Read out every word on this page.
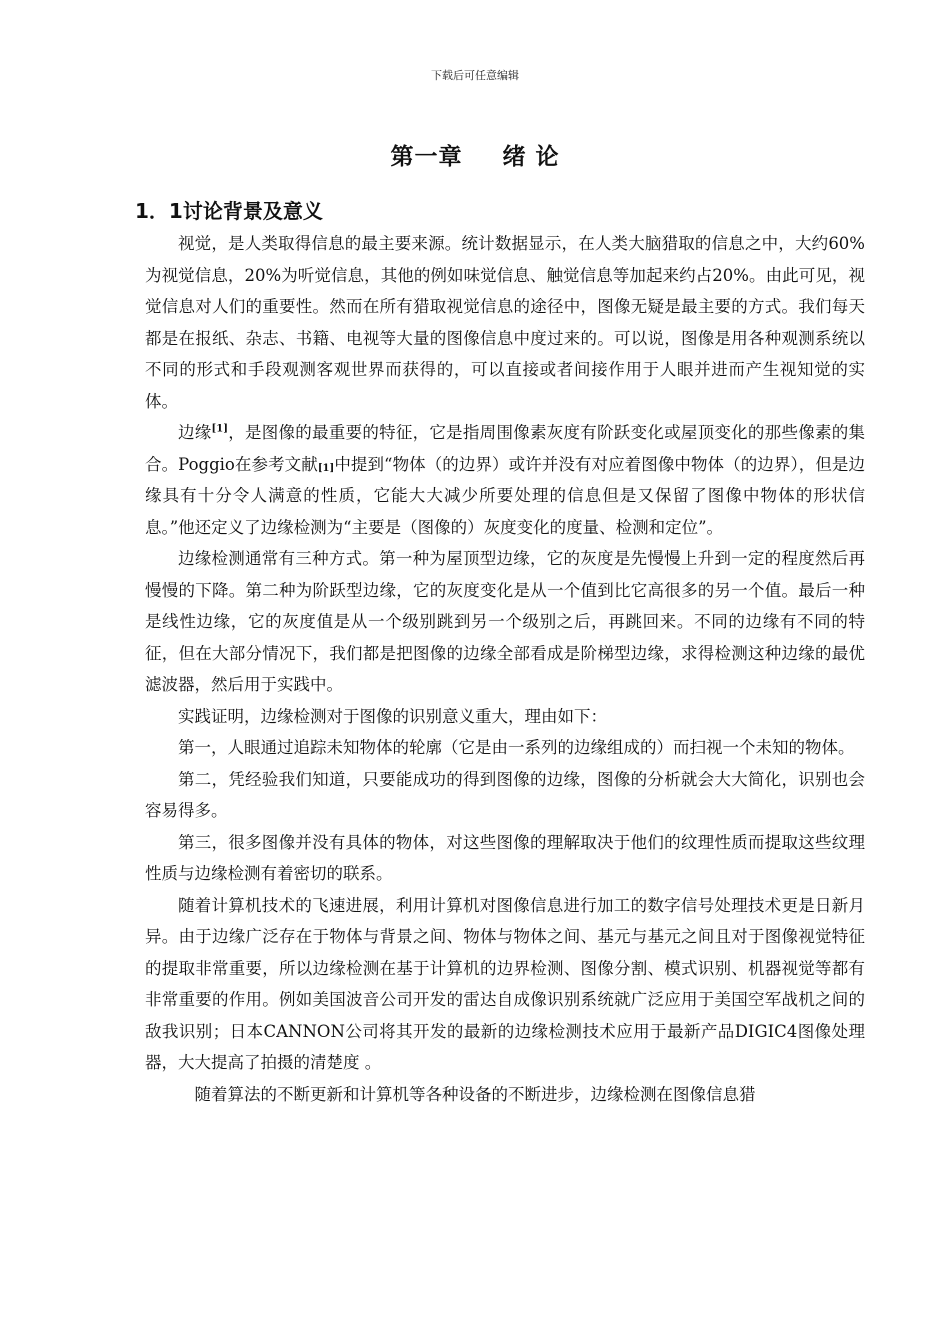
下载后可任意编辑
第一章 绪 论
1．1讨论背景及意义

视觉，是人类取得信息的最主要来源。统计数据显示，在人类大脑猎取的信息之中，大约60%为视觉信息，20%为听觉信息，其他的例如味觉信息、触觉信息等加起来约占20%。由此可见，视觉信息对人们的重要性。然而在所有猎取视觉信息的途径中，图像无疑是最主要的方式。我们每天都是在报纸、杂志、书籍、电视等大量的图像信息中度过来的。可以说，图像是用各种观测系统以不同的形式和手段观测客观世界而获得的，可以直接或者间接作用于人眼并进而产生视知觉的实体。

边缘[1]，是图像的最重要的特征，它是指周围像素灰度有阶跃变化或屋顶变化的那些像素的集合。Poggio在参考文献$_{[1]}$中提到“物体（的边界）或许并没有对应着图像中物体（的边界），但是边缘具有十分令人满意的性质，它能大大减少所要处理的信息但是又保留了图像中物体的形状信息。”他还定义了边缘检测为“主要是（图像的）灰度变化的度量、检测和定位”。

边缘检测通常有三种方式。第一种为屋顶型边缘，它的灰度是先慢慢上升到一定的程度然后再慢慢的下降。第二种为阶跃型边缘，它的灰度变化是从一个值到比它高很多的另一个值。最后一种是线性边缘，它的灰度值是从一个级别跳到另一个级别之后，再跳回来。不同的边缘有不同的特征，但在大部分情况下，我们都是把图像的边缘全部看成是阶梯型边缘，求得检测这种边缘的最优滤波器，然后用于实践中。

实践证明，边缘检测对于图像的识别意义重大，理由如下：

第一，人眼通过追踪未知物体的轮廓（它是由一系列的边缘组成的）而扫视一个未知的物体。

第二，凭经验我们知道，只要能成功的得到图像的边缘，图像的分析就会大大简化，识别也会容易得多。

第三，很多图像并没有具体的物体，对这些图像的理解取决于他们的纹理性质而提取这些纹理性质与边缘检测有着密切的联系。

随着计算机技术的飞速进展，利用计算机对图像信息进行加工的数字信号处理技术更是日新月异。由于边缘广泛存在于物体与背景之间、物体与物体之间、基元与基元之间且对于图像视觉特征的提取非常重要，所以边缘检测在基于计算机的边界检测、图像分割、模式识别、机器视觉等都有非常重要的作用。例如美国波音公司开发的雷达自成像识别系统就广泛应用于美国空军战机之间的敌我识别；日本CANNON公司将其开发的最新的边缘检测技术应用于最新产品DIGIC4图像处理器，大大提高了拍摄的清楚度 。

随着算法的不断更新和计算机等各种设备的不断进步，边缘检测在图像信息猎
